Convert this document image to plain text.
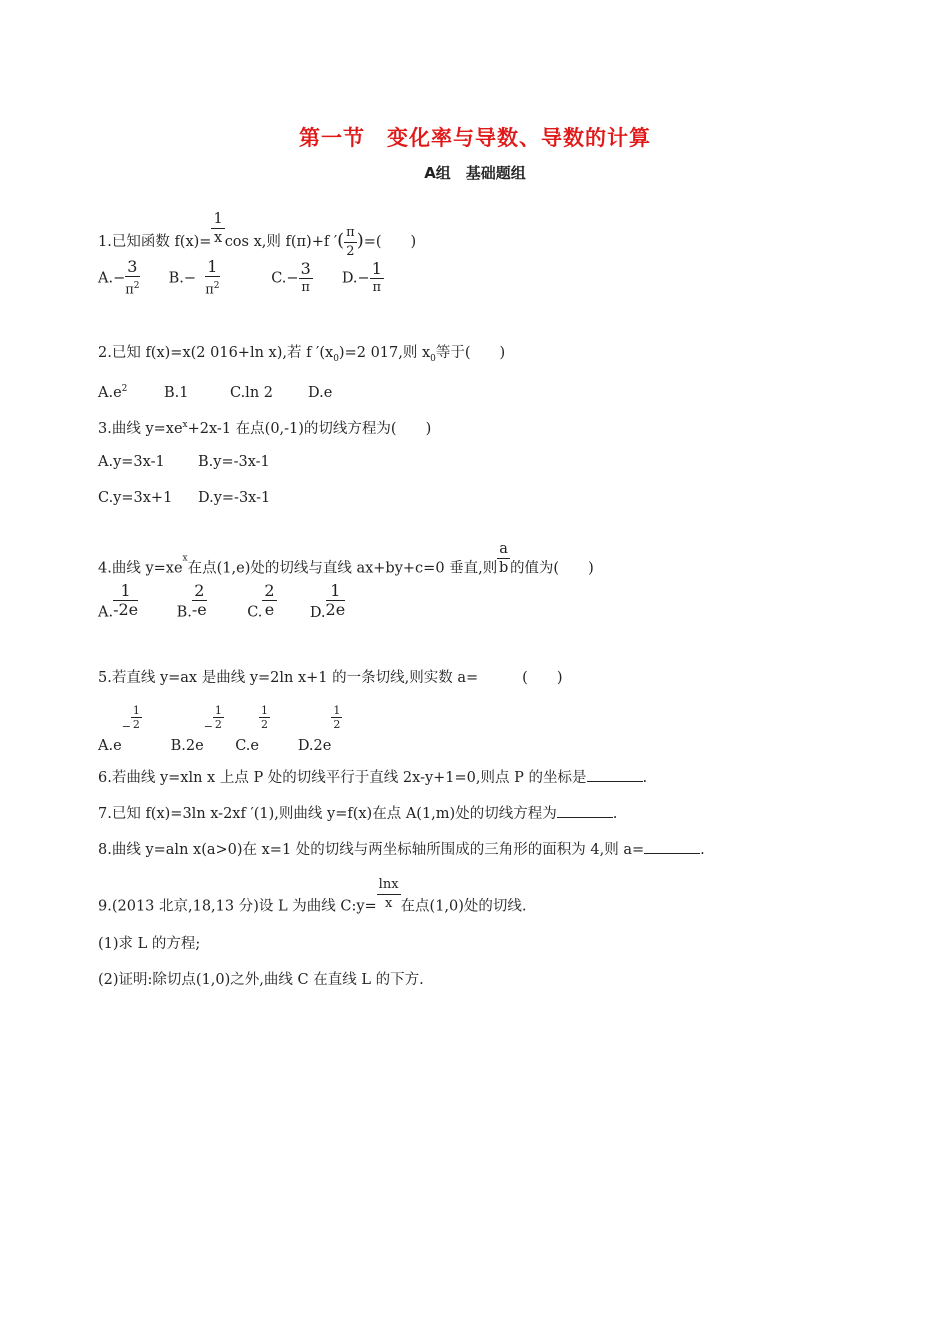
第一节　变化率与导数、导数的计算
A组　基础题组
1.已知函数 $f(x)= \frac{1}{x}$ cos x,则 f(π)+f ′( $\frac{\pi}{2}$ )=(　　)
$A.- \frac{3}{\pi^2} B.- \frac{1}{\pi^2}$	$C.- \frac{3}{\pi} D.- \frac{1}{\pi}$
2.已知 f(x)=x(2 016+ln x),若 f $'(x_0)=2$ 017,则 $x_0$等于(　　)
$A.e^2$	B.1	C.ln 2 D.e
3.曲线 $y=xe^x+2x-1$ 在点(0,-1)的切线方程为(　　)
A.y=3x-1 B.y=-3x-1
C.y=3x+1 D.y=-3x-1
4.曲线 $y=xe^x$在点(1,e)处的切线与直线 ax+by+c=0 垂直,则 $\frac{a}{b}$ 的值为(　　)
A. $\frac{1}{-2e}$	B. $\frac{2}{-e}$	C. $\frac{2}{e} D$. $\frac{1}{2e}$
5.若直线 y=ax 是曲线 y=2ln x+1 的一条切线,则实数 a=	(　　)
$A.e^- \frac{1}{2}$
$B.2e^- \frac{1}{2}$
C.e
$\frac{1}{2}$
D.2e
$\frac{1}{2}$
6.若曲线 y=xln x 上点 P 处的切线平行于直线 2x-y+1=0,则点 P 的坐标是	.
7.已知 f(x)=3ln x-2xf ′(1),则曲线 y=f(x)在点 A(1,m)处的切线方程为	.
8.曲线 y=aln x(a>0)在 x=1 处的切线与两坐标轴所围成的三角形的面积为 4,则 a=	.
9.(2013 北京,18,13 分)设 L 为曲线 C:y= $\frac{\ln x}{x}$ 在点(1,0)处的切线.
(1)求 L 的方程;
(2)证明:除切点(1,0)之外,曲线 C 在直线 L 的下方.
